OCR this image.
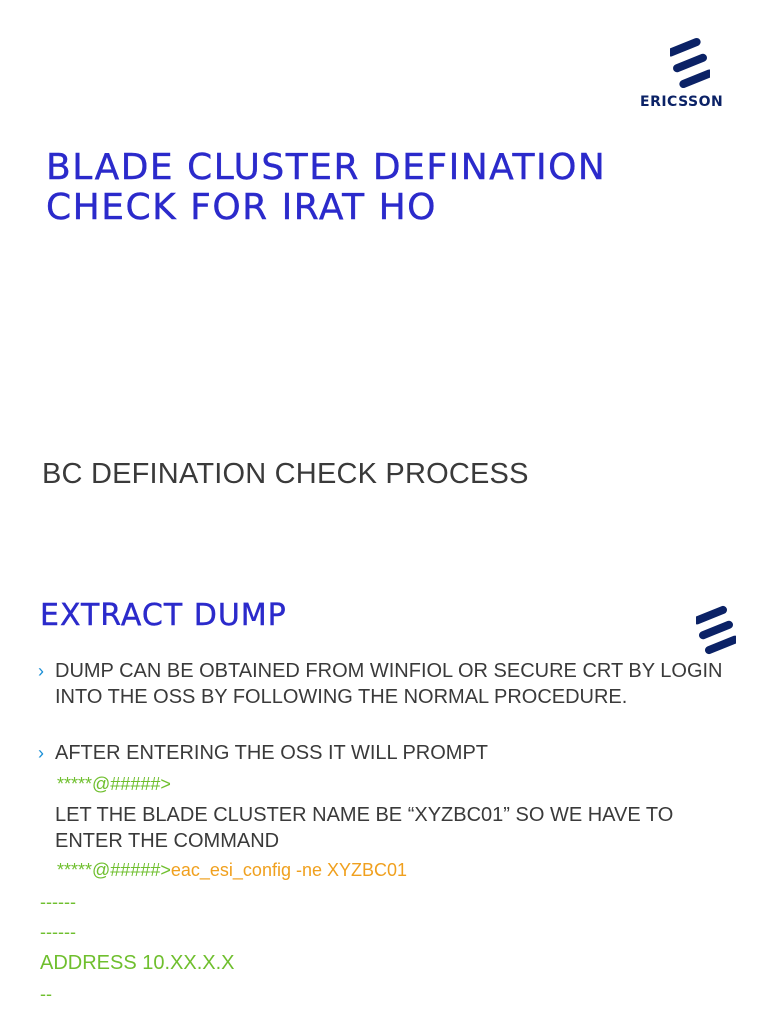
ERICSSON
BLADE CLUSTER DEFINATION
CHECK FOR IRAT HO
BC DEFINATION CHECK PROCESS
EXTRACT DUMP
› DUMP CAN BE OBTAINED FROM WINFIOL OR SECURE CRT BY LOGIN INTO THE OSS BY FOLLOWING THE NORMAL PROCEDURE.
› AFTER ENTERING THE OSS IT WILL PROMPT
*****@#####>
LET THE BLADE CLUSTER NAME BE “XYZBC01” SO WE HAVE TO ENTER THE COMMAND
*****@#####>eac_esi_config -ne XYZBC01
------
------
ADDRESS 10.XX.X.X
--
